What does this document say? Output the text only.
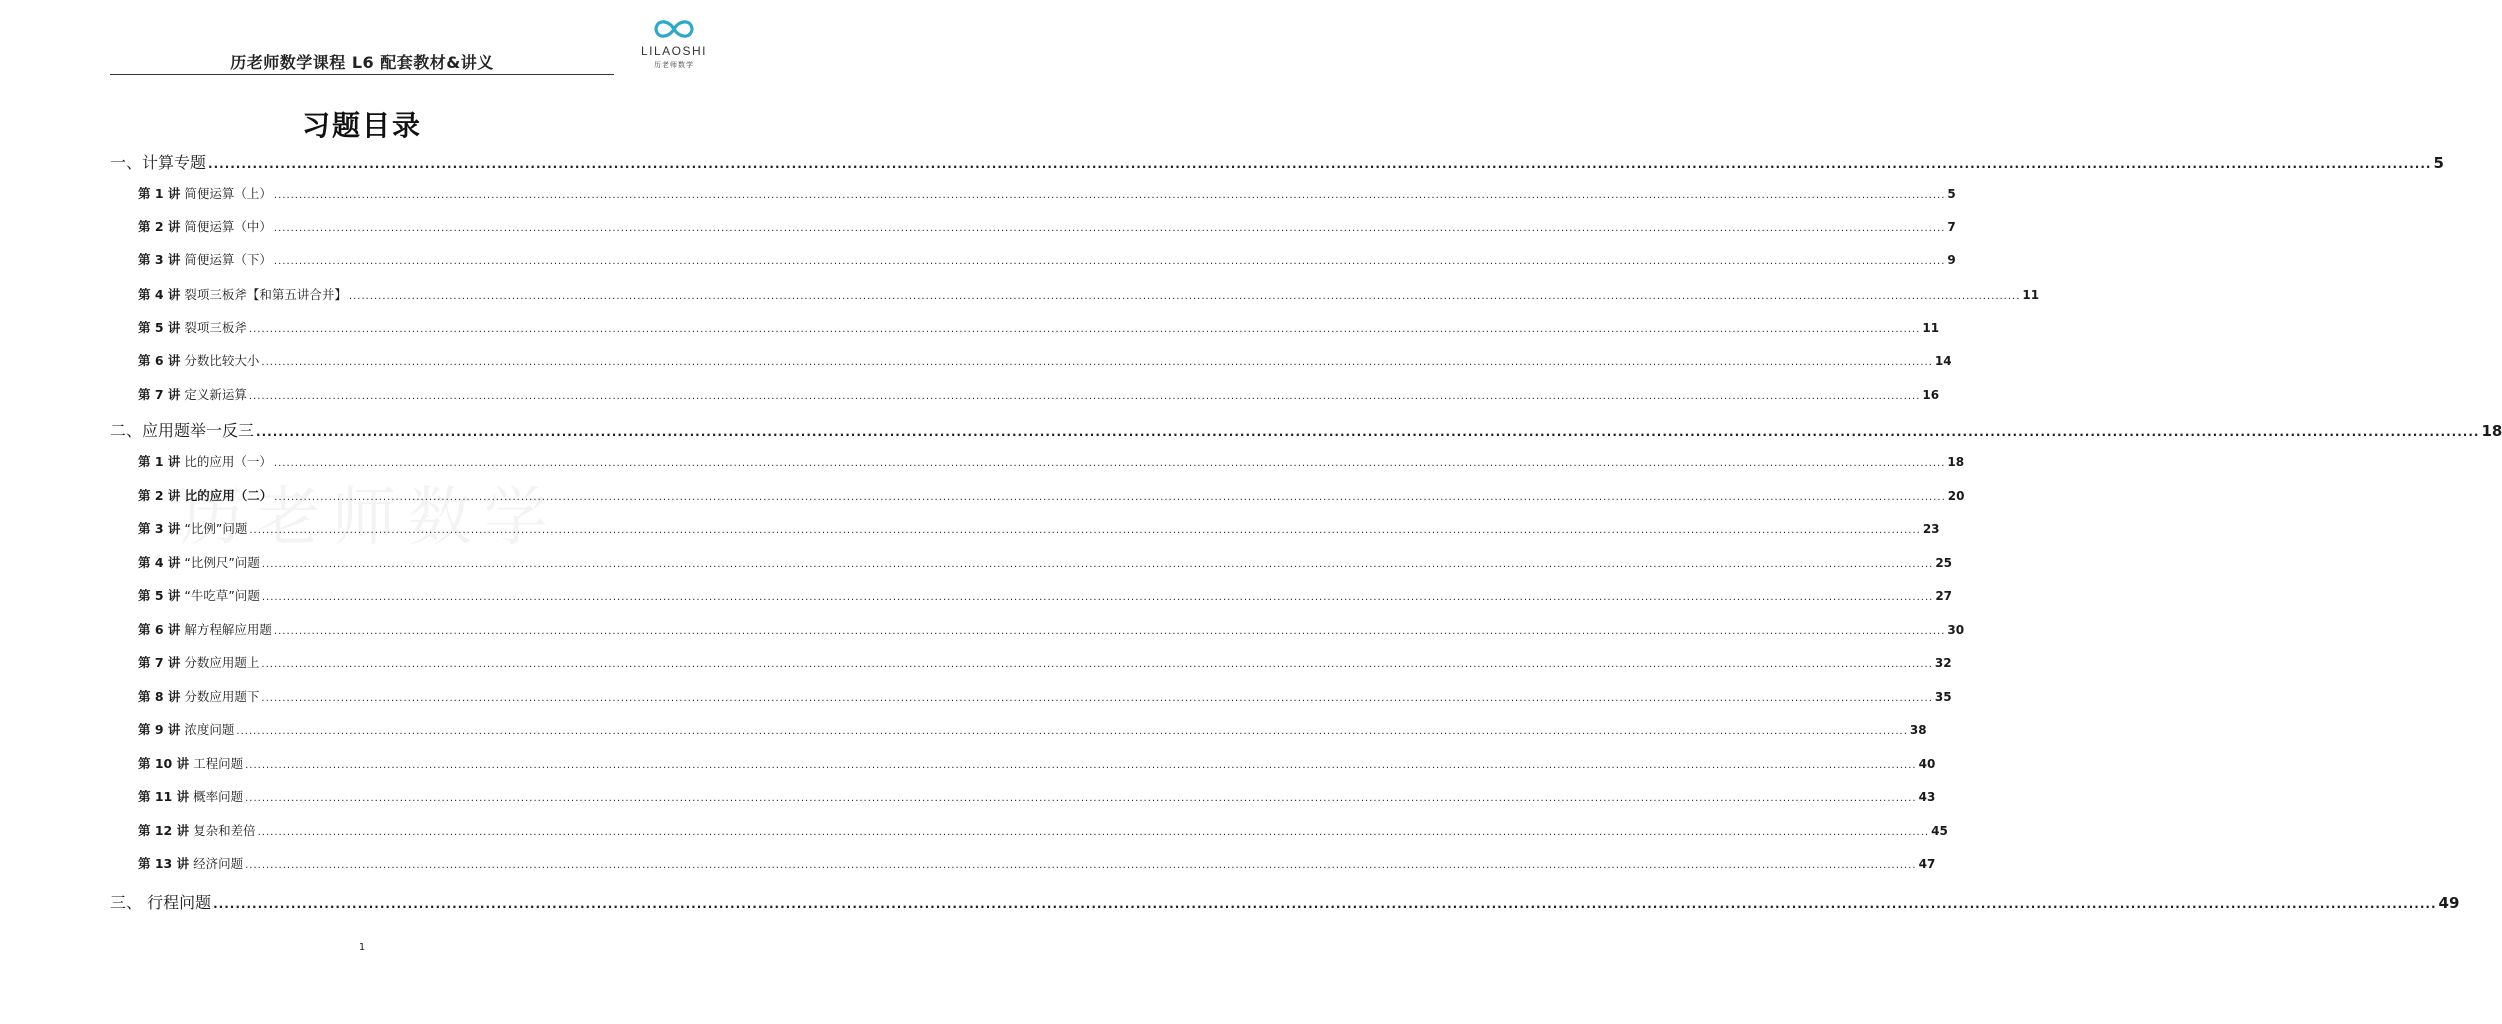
历老师数学课程 L6 配套教材&讲义
LILAOSHI
历老师数学
习题目录
一、计算专题 ................................................................................................................................................................................................................................................................................................................................................................................................................ 5
第 1 讲 简便运算（上） ................................................................................................................................................................................................................................................................................................................................................................................................................ 5
第 2 讲 简便运算（中） ................................................................................................................................................................................................................................................................................................................................................................................................................ 7
第 3 讲 简便运算（下） ................................................................................................................................................................................................................................................................................................................................................................................................................ 9
第 4 讲 裂项三板斧【和第五讲合并】 ................................................................................................................................................................................................................................................................................................................................................................................................................ 11
第 5 讲 裂项三板斧 ................................................................................................................................................................................................................................................................................................................................................................................................................ 11
第 6 讲 分数比较大小 ................................................................................................................................................................................................................................................................................................................................................................................................................ 14
第 7 讲 定义新运算 ................................................................................................................................................................................................................................................................................................................................................................................................................ 16
二、应用题举一反三 ................................................................................................................................................................................................................................................................................................................................................................................................................ 18
第 1 讲 比的应用（一） ................................................................................................................................................................................................................................................................................................................................................................................................................ 18
第 2 讲 比的应用（二） ................................................................................................................................................................................................................................................................................................................................................................................................................ 20
第 3 讲 “比例”问题 ................................................................................................................................................................................................................................................................................................................................................................................................................ 23
第 4 讲 “比例尺”问题 ................................................................................................................................................................................................................................................................................................................................................................................................................ 25
第 5 讲 “牛吃草”问题 ................................................................................................................................................................................................................................................................................................................................................................................................................ 27
第 6 讲 解方程解应用题 ................................................................................................................................................................................................................................................................................................................................................................................................................ 30
第 7 讲 分数应用题上 ................................................................................................................................................................................................................................................................................................................................................................................................................ 32
第 8 讲 分数应用题下 ................................................................................................................................................................................................................................................................................................................................................................................................................ 35
第 9 讲 浓度问题 ................................................................................................................................................................................................................................................................................................................................................................................................................ 38
第 10 讲 工程问题 ................................................................................................................................................................................................................................................................................................................................................................................................................ 40
第 11 讲 概率问题 ................................................................................................................................................................................................................................................................................................................................................................................................................ 43
第 12 讲 复杂和差倍 ................................................................................................................................................................................................................................................................................................................................................................................................................ 45
第 13 讲 经济问题 ................................................................................................................................................................................................................................................................................................................................................................................................................ 47
三、 行程问题 ................................................................................................................................................................................................................................................................................................................................................................................................................ 49
1
